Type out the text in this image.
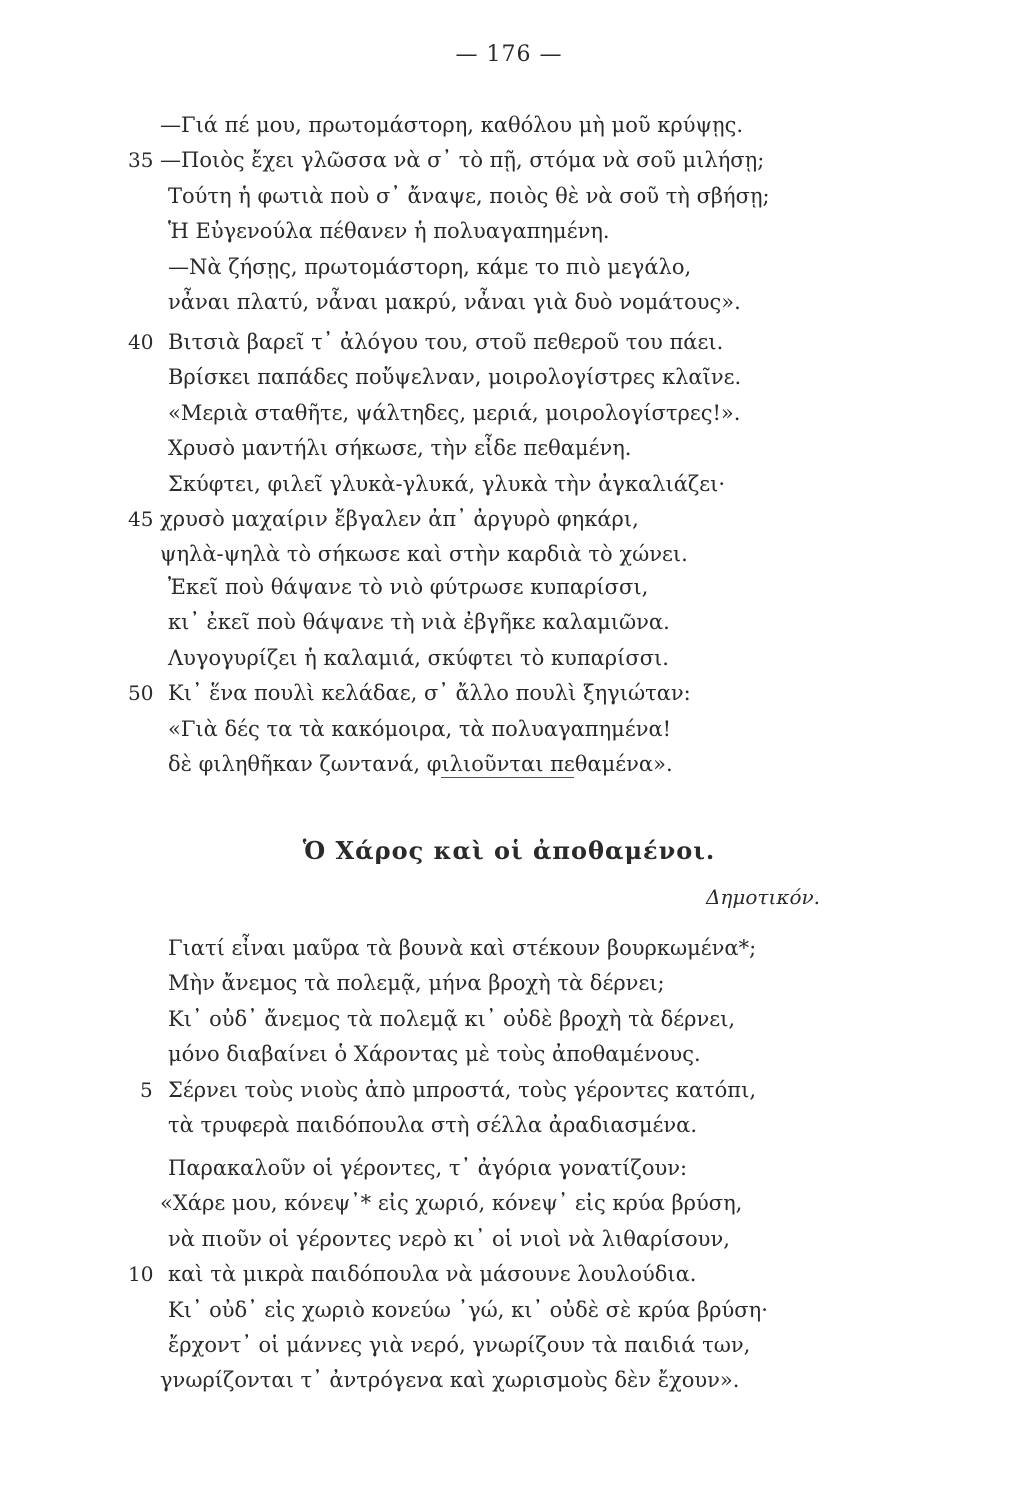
— 176 —
—Γιά πέ μου, πρωτομάστορη, καθόλου μὴ μοῦ κρύψῃς.
35 —Ποιὸς ἔχει γλῶσσα νὰ σ᾽ τὸ πῇ, στόμα νὰ σοῦ μιλήσῃ;
Τούτη ἡ φωτιὰ ποὺ σ᾽ ἄναψε, ποιὸς θὲ νὰ σοῦ τὴ σβήσῃ;
Ἡ Εὐγενούλα πέθανεν ἡ πολυαγαπημένη.
—Νὰ ζήσῃς, πρωτομάστορη, κάμε το πιὸ μεγάλο,
νἆναι πλατύ, νἆναι μακρύ, νἆναι γιὰ δυὸ νομάτους».
40 Βιτσιὰ βαρεῖ τ᾽ ἀλόγου του, στοῦ πεθεροῦ του πάει.
Βρίσκει παπάδες ποὔψελναν, μοιρολογίστρες κλαῖνε.
«Μεριὰ σταθῆτε, ψάλτηδες, μεριά, μοιρολογίστρες!».
Χρυσὸ μαντήλι σήκωσε, τὴν εἶδε πεθαμένη.
Σκύφτει, φιλεῖ γλυκὰ-γλυκά, γλυκὰ τὴν ἀγκαλιάζει·
45 χρυσὸ μαχαίριν ἔβγαλεν ἀπ᾽ ἀργυρὸ φηκάρι,
ψηλὰ-ψηλὰ τὸ σήκωσε καὶ στὴν καρδιὰ τὸ χώνει.
Ἐκεῖ ποὺ θάψανε τὸ νιὸ φύτρωσε κυπαρίσσι,
κι᾽ ἐκεῖ ποὺ θάψανε τὴ νιὰ ἐβγῆκε καλαμιῶνα.
Λυγογυρίζει ἡ καλαμιά, σκύφτει τὸ κυπαρίσσι.
50 Κι᾽ ἕνα πουλὶ κελάδαε, σ᾽ ἄλλο πουλὶ ξηγιώταν:
«Γιὰ δές τα τὰ κακόμοιρα, τὰ πολυαγαπημένα!
δὲ φιληθῆκαν ζωντανά, φιλιοῦνται πεθαμένα».
Ὁ Χάρος καὶ οἱ ἀποθαμένοι.
Δημοτικόν.
Γιατί εἶναι μαῦρα τὰ βουνὰ καὶ στέκουν βουρκωμένα*;
Μὴν ἄνεμος τὰ πολεμᾷ, μήνα βροχὴ τὰ δέρνει;
Κι᾽ οὐδ᾽ ἄνεμος τὰ πολεμᾷ κι᾽ οὐδὲ βροχὴ τὰ δέρνει,
μόνο διαβαίνει ὁ Χάροντας μὲ τοὺς ἀποθαμένους.
5 Σέρνει τοὺς νιοὺς ἀπὸ μπροστά, τοὺς γέροντες κατόπι,
τὰ τρυφερὰ παιδόπουλα στὴ σέλλα ἀραδιασμένα.
Παρακαλοῦν οἱ γέροντες, τ᾽ ἀγόρια γονατίζουν:
«Χάρε μου, κόνεψ᾽* εἰς χωριό, κόνεψ᾽ εἰς κρύα βρύση,
νὰ πιοῦν οἱ γέροντες νερὸ κι᾽ οἱ νιοὶ νὰ λιθαρίσουν,
10 καὶ τὰ μικρὰ παιδόπουλα νὰ μάσουνε λουλούδια.
Κι᾽ οὐδ᾽ εἰς χωριὸ κονεύω ᾽γώ, κι᾽ οὐδὲ σὲ κρύα βρύση·
ἔρχοντ᾽ οἱ μάννες γιὰ νερό, γνωρίζουν τὰ παιδιά των,
γνωρίζονται τ᾽ ἀντρόγενα καὶ χωρισμοὺς δὲν ἔχουν».
